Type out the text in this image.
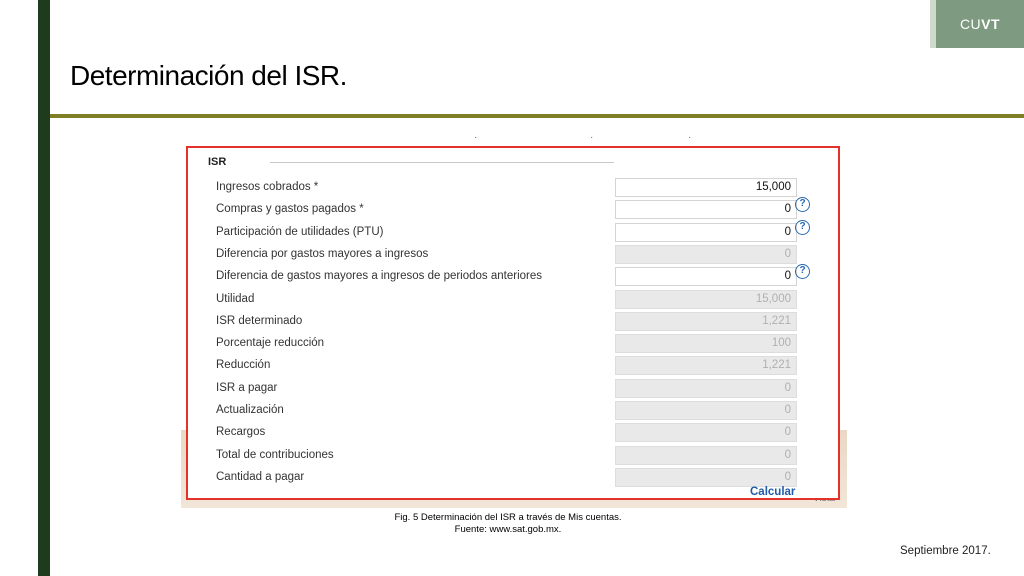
CU VT
Determinación del ISR.
·	·	·
ISR
Ingresos cobrados *	15,000
Compras y gastos pagados *	0 ?
Participación de utilidades (PTU)	0 ?
Diferencia por gastos mayores a ingresos	0
Diferencia de gastos mayores a ingresos de periodos anteriores	0 ?
Utilidad	15,000
ISR determinado	1,221
Porcentaje reducción	100
Reducción	1,221
ISR a pagar	0
Actualización	0
Recargos	0
Total de contribuciones	0
Cantidad a pagar	0
Calcular
Fig. 5 Determinación del ISR a través de Mis cuentas.
Fuente: www.sat.gob.mx.
Septiembre 2017.
